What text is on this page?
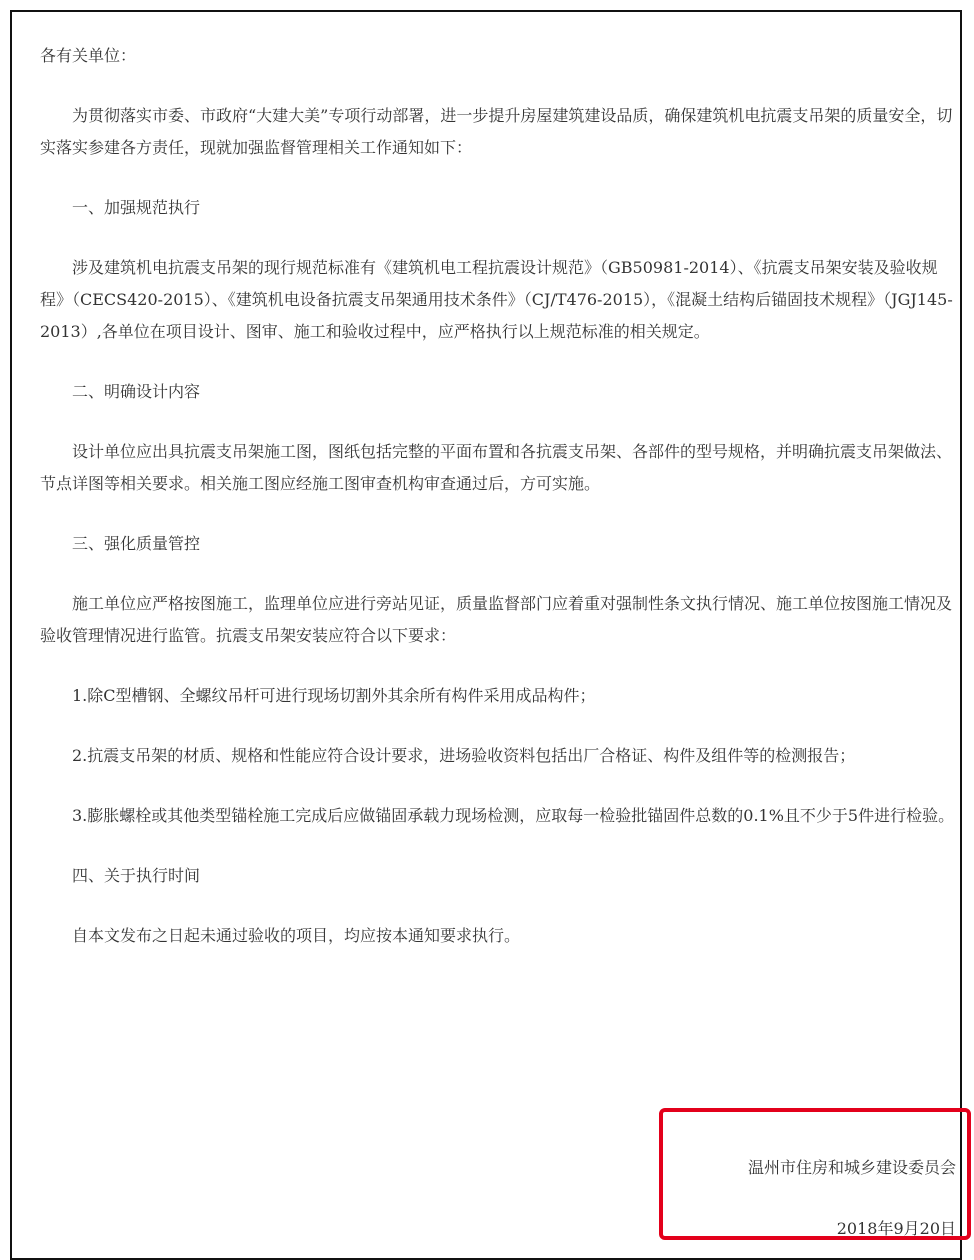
各有关单位：

为贯彻落实市委、市政府“大建大美”专项行动部署，进一步提升房屋建筑建设品质，确保建筑机电抗震支吊架的质量安全，切实落实参建各方责任，现就加强监督管理相关工作通知如下：

一、加强规范执行

涉及建筑机电抗震支吊架的现行规范标准有《建筑机电工程抗震设计规范》（GB50981-2014）、《抗震支吊架安装及验收规程》（CECS420-2015）、《建筑机电设备抗震支吊架通用技术条件》（CJ/T476-2015），《混凝土结构后锚固技术规程》（JGJ145-2013）,各单位在项目设计、图审、施工和验收过程中，应严格执行以上规范标准的相关规定。

二、明确设计内容

设计单位应出具抗震支吊架施工图，图纸包括完整的平面布置和各抗震支吊架、各部件的型号规格，并明确抗震支吊架做法、节点详图等相关要求。相关施工图应经施工图审查机构审查通过后，方可实施。

三、强化质量管控

施工单位应严格按图施工，监理单位应进行旁站见证，质量监督部门应着重对强制性条文执行情况、施工单位按图施工情况及验收管理情况进行监管。抗震支吊架安装应符合以下要求：

1.除C型槽钢、全螺纹吊杆可进行现场切割外其余所有构件采用成品构件；

2.抗震支吊架的材质、规格和性能应符合设计要求，进场验收资料包括出厂合格证、构件及组件等的检测报告；

3.膨胀螺栓或其他类型锚栓施工完成后应做锚固承载力现场检测，应取每一检验批锚固件总数的0.1%且不少于5件进行检验。

四、关于执行时间

自本文发布之日起未通过验收的项目，均应按本通知要求执行。

温州市住房和城乡建设委员会
2018年9月20日
